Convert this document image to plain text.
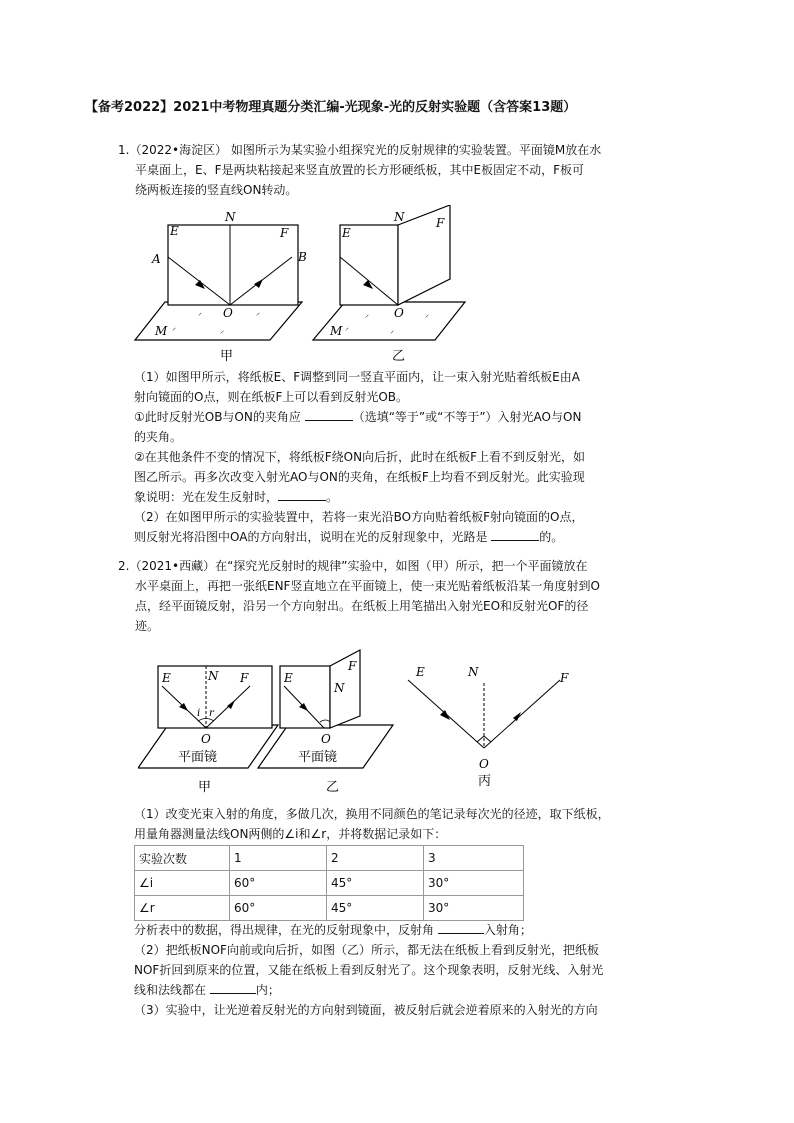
【备考2022】2021中考物理真题分类汇编-光现象-光的反射实验题（含答案13题）
1.（2022•海淀区） 如图所示为某实验小组探究光的反射规律的实验装置。平面镜M放在水
平桌面上，E、F是两块粘接起来竖直放置的长方形硬纸板，其中E板固定不动，F板可
绕两板连接的竖直线ON转动。
E
N
F
A	B
O
M
⸝	⸝
⸝
⸝
甲
E
N	F
O
M
⸝	⸝
⸝
⸝
乙
（1）如图甲所示，将纸板E、F调整到同一竖直平面内，让一束入射光贴着纸板E由A
射向镜面的O点，则在纸板F上可以看到反射光OB。
①此时反射光OB与ON的夹角应	（选填“等于”或“不等于”）入射光AO与ON
的夹角。
②在其他条件不变的情况下，将纸板F绕ON向后折，此时在纸板F上看不到反射光，如
图乙所示。再多次改变入射光AO与ON的夹角，在纸板F上均看不到反射光。此实验现
象说明：光在发生反射时，	。
（2）在如图甲所示的实验装置中，若将一束光沿BO方向贴着纸板F射向镜面的O点，
则反射光将沿图中OA的方向射出，说明在光的反射现象中，光路是	的。
2.（2021•西藏）在“探究光反射时的规律”实验中，如图（甲）所示，把一个平面镜放在
水平桌面上，再把一张纸ENF竖直地立在平面镜上，使一束光贴着纸板沿某一角度射到O
点，经平面镜反射，沿另一个方向射出。在纸板上用笔描出入射光EO和反射光OF的径
迹。
E	N F
i r
O
平面镜
甲
E
N
F
O
平面镜
乙
E	N	F
O
丙
（1）改变光束入射的角度，多做几次，换用不同颜色的笔记录每次光的径迹，取下纸板，
用量角器测量法线ON两侧的∠i和∠r，并将数据记录如下：
实验次数	1	2	3
∠i	60°	45°	30°
∠r	60°	45°	30°
分析表中的数据，得出规律，在光的反射现象中，反射角	入射角；
（2）把纸板NOF向前或向后折，如图（乙）所示，都无法在纸板上看到反射光，把纸板
NOF折回到原来的位置，又能在纸板上看到反射光了。这个现象表明，反射光线、入射光
线和法线都在	内；
（3）实验中，让光逆着反射光的方向射到镜面，被反射后就会逆着原来的入射光的方向
